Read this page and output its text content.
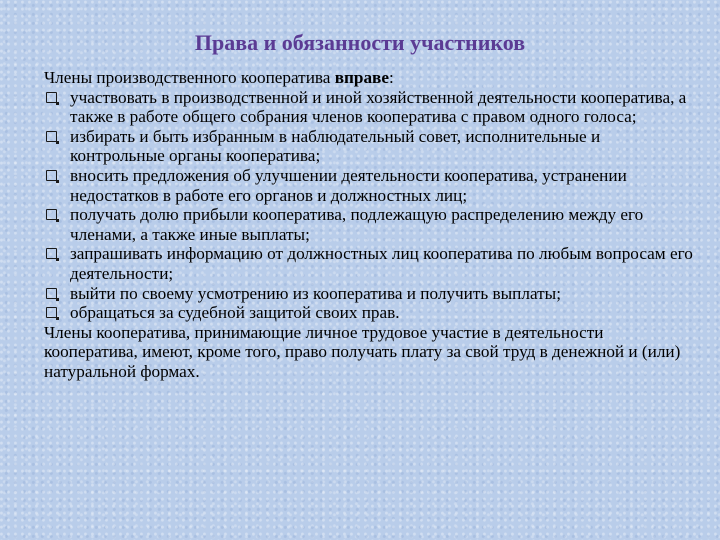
Права и обязанности участников

Члены производственного кооператива вправе:

участвовать в производственной и иной хозяйственной деятельности кооператива, а также в работе общего собрания членов кооператива с правом одного голоса;
избирать и быть избранным в наблюдательный совет, исполнительные и контрольные органы кооператива;
вносить предложения об улучшении деятельности кооператива, устранении недостатков в работе его органов и должностных лиц;
получать долю прибыли кооператива, подлежащую распределению между его членами, а также иные выплаты;
запрашивать информацию от должностных лиц кооператива по любым вопросам его деятельности;
выйти по своему усмотрению из кооператива и получить выплаты;
обращаться за судебной защитой своих прав.

Члены кооператива, принимающие личное трудовое участие в деятельности кооператива, имеют, кроме того, право получать плату за свой труд в денежной и (или) натуральной формах.
